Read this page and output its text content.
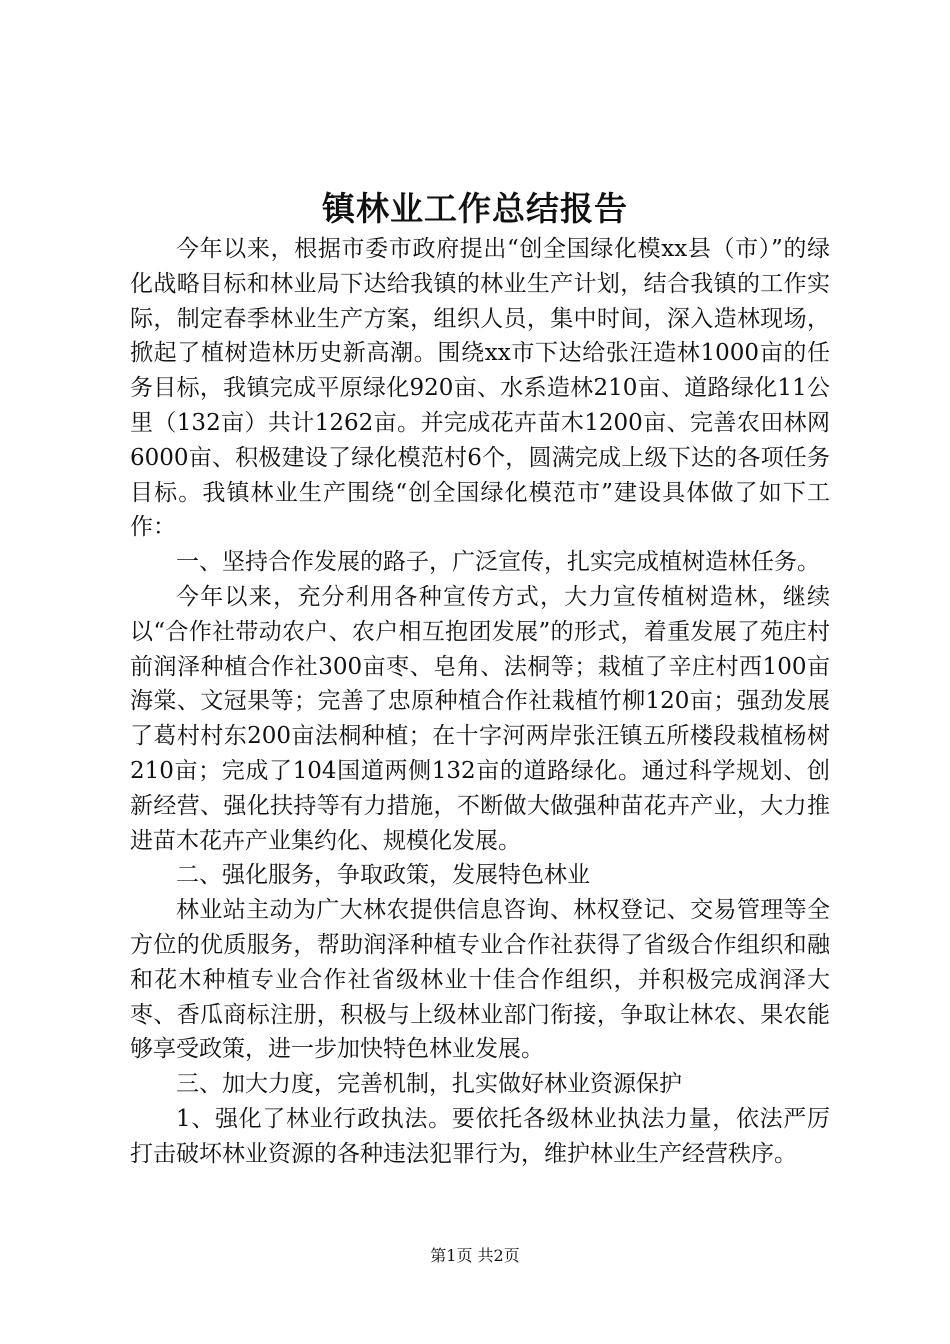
镇林业工作总结报告

今年以来，根据市委市政府提出“创全国绿化模xx县（市）”的绿化战略目标和林业局下达给我镇的林业生产计划，结合我镇的工作实际，制定春季林业生产方案，组织人员，集中时间，深入造林现场，掀起了植树造林历史新高潮。围绕xx市下达给张汪造林1000亩的任务目标，我镇完成平原绿化920亩、水系造林210亩、道路绿化11公里（132亩）共计1262亩。并完成花卉苗木1200亩、完善农田林网6000亩、积极建设了绿化模范村6个，圆满完成上级下达的各项任务目标。我镇林业生产围绕“创全国绿化模范市”建设具体做了如下工作：

一、坚持合作发展的路子，广泛宣传，扎实完成植树造林任务。

今年以来，充分利用各种宣传方式，大力宣传植树造林，继续以“合作社带动农户、农户相互抱团发展”的形式，着重发展了苑庄村前润泽种植合作社300亩枣、皂角、法桐等；栽植了辛庄村西100亩海棠、文冠果等；完善了忠原种植合作社栽植竹柳120亩；强劲发展了葛村村东200亩法桐种植；在十字河两岸张汪镇五所楼段栽植杨树210亩；完成了104国道两侧132亩的道路绿化。通过科学规划、创新经营、强化扶持等有力措施，不断做大做强种苗花卉产业，大力推进苗木花卉产业集约化、规模化发展。

二、强化服务，争取政策，发展特色林业

林业站主动为广大林农提供信息咨询、林权登记、交易管理等全方位的优质服务，帮助润泽种植专业合作社获得了省级合作组织和融和花木种植专业合作社省级林业十佳合作组织，并积极完成润泽大枣、香瓜商标注册，积极与上级林业部门衔接，争取让林农、果农能够享受政策，进一步加快特色林业发展。

三、加大力度，完善机制，扎实做好林业资源保护

1、强化了林业行政执法。要依托各级林业执法力量，依法严厉打击破坏林业资源的各种违法犯罪行为，维护林业生产经营秩序。

第1页 共2页
